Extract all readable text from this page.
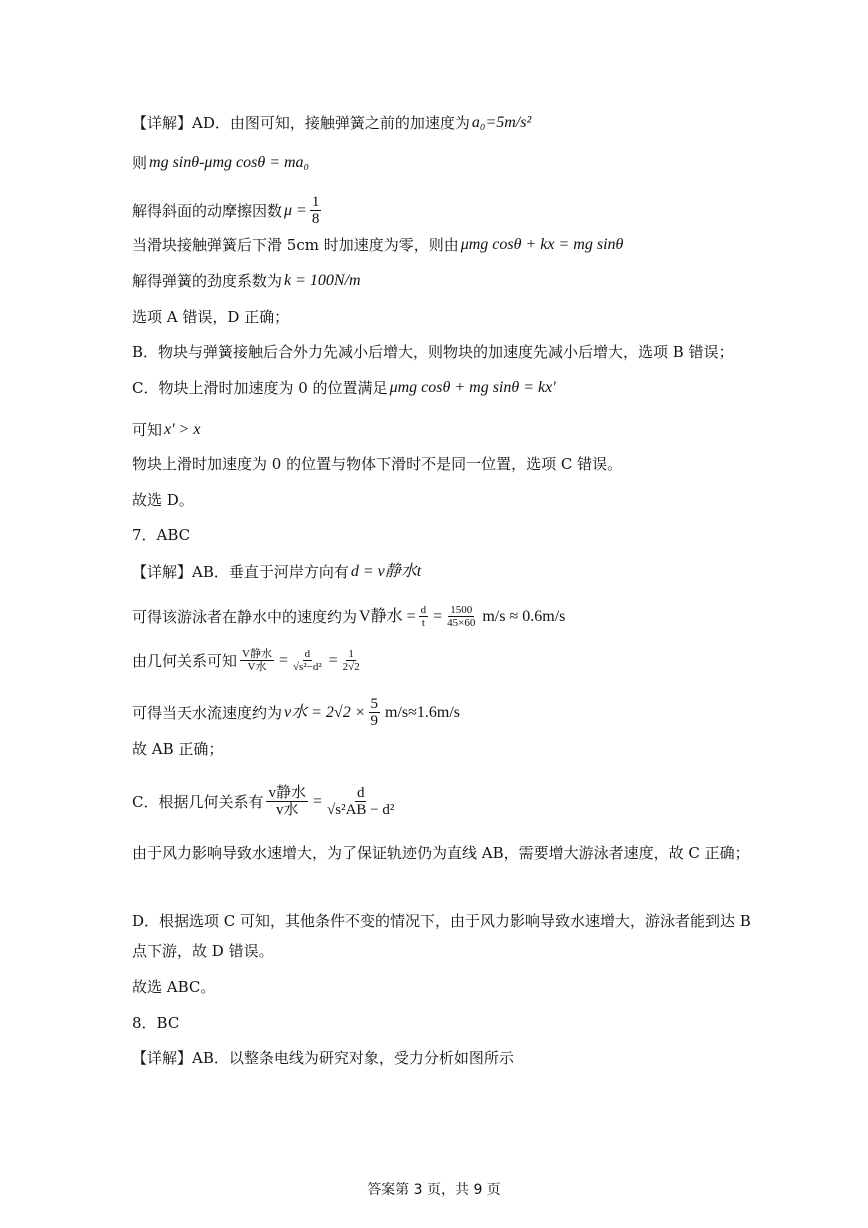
【详解】AD．由图可知，接触弹簧之前的加速度为 a₀=5m/s²
则 mg sinθ-μmg cosθ = ma₀
解得斜面的动摩擦因数 $\mu = \frac{1}{8}$
当滑块接触弹簧后下滑 5cm 时加速度为零，则由 μmg cosθ + kx = mg sinθ
解得弹簧的劲度系数为 k = 100N/m
选项 A 错误，D 正确；
B．物块与弹簧接触后合外力先减小后增大，则物块的加速度先减小后增大，选项 B 错误；
C．物块上滑时加速度为 0 的位置满足 μmg cosθ + mg sinθ = kx'
可知 x' > x
物块上滑时加速度为 0 的位置与物体下滑时不是同一位置，选项 C 错误。
故选 D。
7．ABC
【详解】AB．垂直于河岸方向有 d = v静水t
可得该游泳者在静水中的速度约为 V静水 = $\frac{d}{t} = \frac{1500}{45\times 60} m/s \approx 0.6m/s$
由几何关系可知 $\frac{\text{V静水}}{\text{V水}} = \frac{d}{\text{√s²−d²}} = \frac{1}{2√2}$
可得当天水流速度约为 v水 = $2√2 \times \frac{5}{9} m/s\approx 1.6m/s$
故 AB 正确；
C．根据几何关系有 $\frac{\text{v静水}}{\text{v水}} = \frac{d}{\text{√s²AB − d²}}$
由于风力影响导致水速增大，为了保证轨迹仍为直线 AB，需要增大游泳者速度，故 C 正确；
D．根据选项 C 可知，其他条件不变的情况下，由于风力影响导致水速增大，游泳者能到达 B 点下游，故 D 错误。
故选 ABC。
8．BC
【详解】AB．以整条电线为研究对象，受力分析如图所示
答案第 3 页，共 9 页
